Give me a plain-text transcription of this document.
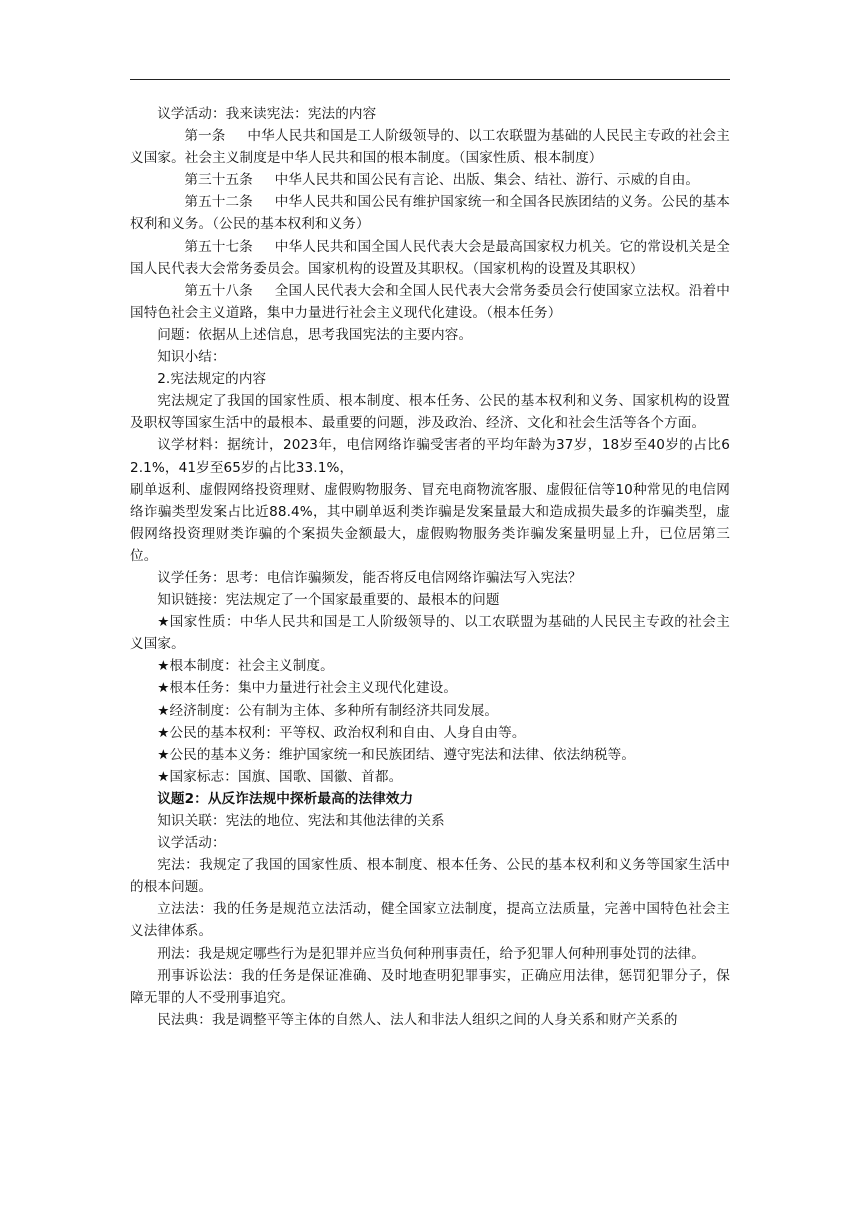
议学活动：我来读宪法：宪法的内容

第一条 中华人民共和国是工人阶级领导的、以工农联盟为基础的人民民主专政的社会主义国家。社会主义制度是中华人民共和国的根本制度。（国家性质、根本制度）

第三十五条 中华人民共和国公民有言论、出版、集会、结社、游行、示威的自由。

第五十二条 中华人民共和国公民有维护国家统一和全国各民族团结的义务。公民的基本权利和义务。（公民的基本权利和义务）

第五十七条 中华人民共和国全国人民代表大会是最高国家权力机关。它的常设机关是全国人民代表大会常务委员会。国家机构的设置及其职权。（国家机构的设置及其职权）

第五十八条 全国人民代表大会和全国人民代表大会常务委员会行使国家立法权。沿着中国特色社会主义道路，集中力量进行社会主义现代化建设。（根本任务）

问题：依据从上述信息，思考我国宪法的主要内容。

知识小结：

2.宪法规定的内容

宪法规定了我国的国家性质、根本制度、根本任务、公民的基本权利和义务、国家机构的设置及职权等国家生活中的最根本、最重要的问题，涉及政治、经济、文化和社会生活等各个方面。

议学材料：据统计，2023年，电信网络诈骗受害者的平均年龄为37岁，18岁至40岁的占比62.1%，41岁至65岁的占比33.1%，

刷单返利、虚假网络投资理财、虚假购物服务、冒充电商物流客服、虚假征信等10种常见的电信网络诈骗类型发案占比近88.4%，其中刷单返利类诈骗是发案量最大和造成损失最多的诈骗类型，虚假网络投资理财类诈骗的个案损失金额最大，虚假购物服务类诈骗发案量明显上升，已位居第三位。

议学任务：思考：电信诈骗频发，能否将反电信网络诈骗法写入宪法？

知识链接：宪法规定了一个国家最重要的、最根本的问题

★国家性质：中华人民共和国是工人阶级领导的、以工农联盟为基础的人民民主专政的社会主义国家。

★根本制度：社会主义制度。

★根本任务：集中力量进行社会主义现代化建设。

★经济制度：公有制为主体、多种所有制经济共同发展。

★公民的基本权利：平等权、政治权利和自由、人身自由等。

★公民的基本义务：维护国家统一和民族团结、遵守宪法和法律、依法纳税等。

★国家标志：国旗、国歌、国徽、首都。

议题2：从反诈法规中探析最高的法律效力

知识关联：宪法的地位、宪法和其他法律的关系

议学活动：

宪法：我规定了我国的国家性质、根本制度、根本任务、公民的基本权利和义务等国家生活中的根本问题。

立法法：我的任务是规范立法活动，健全国家立法制度，提高立法质量，完善中国特色社会主义法律体系。

刑法：我是规定哪些行为是犯罪并应当负何种刑事责任，给予犯罪人何种刑事处罚的法律。

刑事诉讼法：我的任务是保证准确、及时地查明犯罪事实，正确应用法律，惩罚犯罪分子，保障无罪的人不受刑事追究。

民法典：我是调整平等主体的自然人、法人和非法人组织之间的人身关系和财产关系的
